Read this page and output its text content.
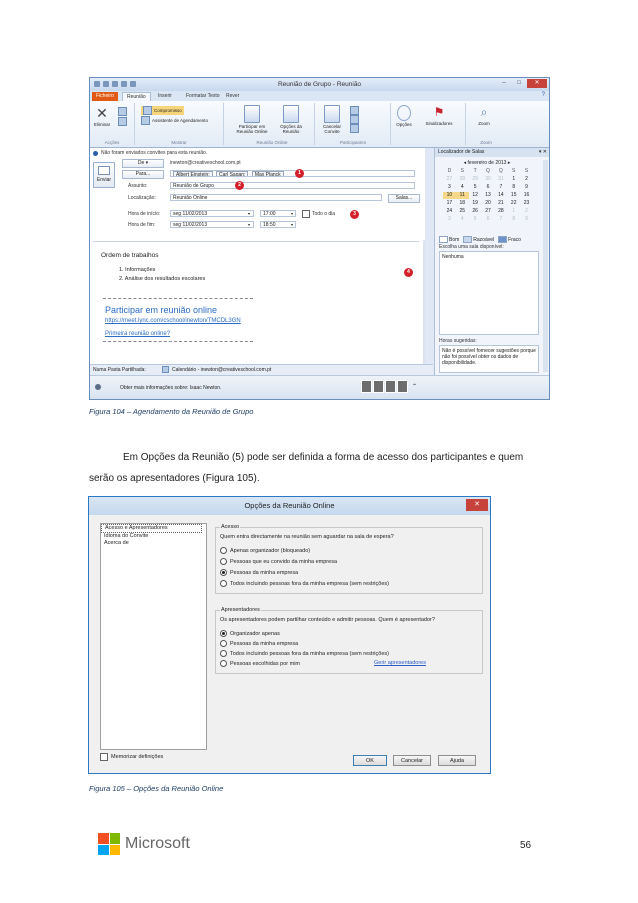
Reunião de Grupo - Reunião	–	□	✕
Ficheiro	Reunião	Inserir	Formatar Texto	Rever	?
✕
Eliminar
Acções
Compromisso
Assistente de Agendamento
Mostrar
Participar em Reunião Online
Opções da Reunião
Reunião Online
Cancelar Convite
Participantes
Opções
⚑
Sinalizadores
⌕
Zoom
Zoom
Não foram enviados convites para esta reunião.
Enviar
De ▾	inewton@creativeschool.com.pt
Para...	Albert Einstein; Carl Sagan; Max Planck	1
Assunto:	Reunião de Grupo	2
Localização:	Reunião Online	Salas...
Hora de início:	seg 11/02/2013	▾	17:00	▾	Todo o dia	3
Hora de fim:	seg 11/02/2013	▾	18:50	▾
Ordem de trabalhos
1. Informações
2. Análise dos resultados escolares
4
Participar em reunião online
https://meet.lync.com/cschool/inewton/TMCDL3GN
Primeira reunião online?
Numa Pasta Partilhada:	Calendário - inewton@creativeschool.com.pt
Obter mais informações sobre: Isaac Newton.	⌃
Localizador de Salas	▾ ✕
◂ fevereiro de 2013 ▸
D	S	T	Q	Q	S	S
27	28	29	30	31	1	2
3	4	5	6	7	8	9
10	11	12	13	14	15	16
17	18	19	20	21	22	23
24	25	26	27	28	1	2
3	4	5	6	7	8	9
Bom	Razoável	Fraco
Escolha uma sala disponível:
Nenhuma
Horas sugeridas:
Não é possível fornecer sugestões porque não foi possível obter os dados de disponibilidade.
Figura 104 – Agendamento da Reunião de Grupo
Em Opções da Reunião (5) pode ser definida a forma de acesso dos participantes e quem
serão os apresentadores (Figura 105).
Opções da Reunião Online	✕
Acesso e Apresentadores
Idioma do Convite
Acerca de
Memorizar definições
Acesso
Quem entra directamente na reunião sem aguardar na sala de espera?
Apenas organizador (bloqueado)
Pessoas que eu convido da minha empresa
Pessoas da minha empresa
Todos incluindo pessoas fora da minha empresa (sem restrições)
Apresentadores
Os apresentadores podem partilhar conteúdo e admitir pessoas. Quem é apresentador?
Organizador apenas
Pessoas da minha empresa
Todos incluindo pessoas fora da minha empresa (sem restrições)
Pessoas escolhidas por mim	Gerir apresentadores
OK	Cancelar	Ajuda
Figura 105 – Opções da Reunião Online
Microsoft	56
